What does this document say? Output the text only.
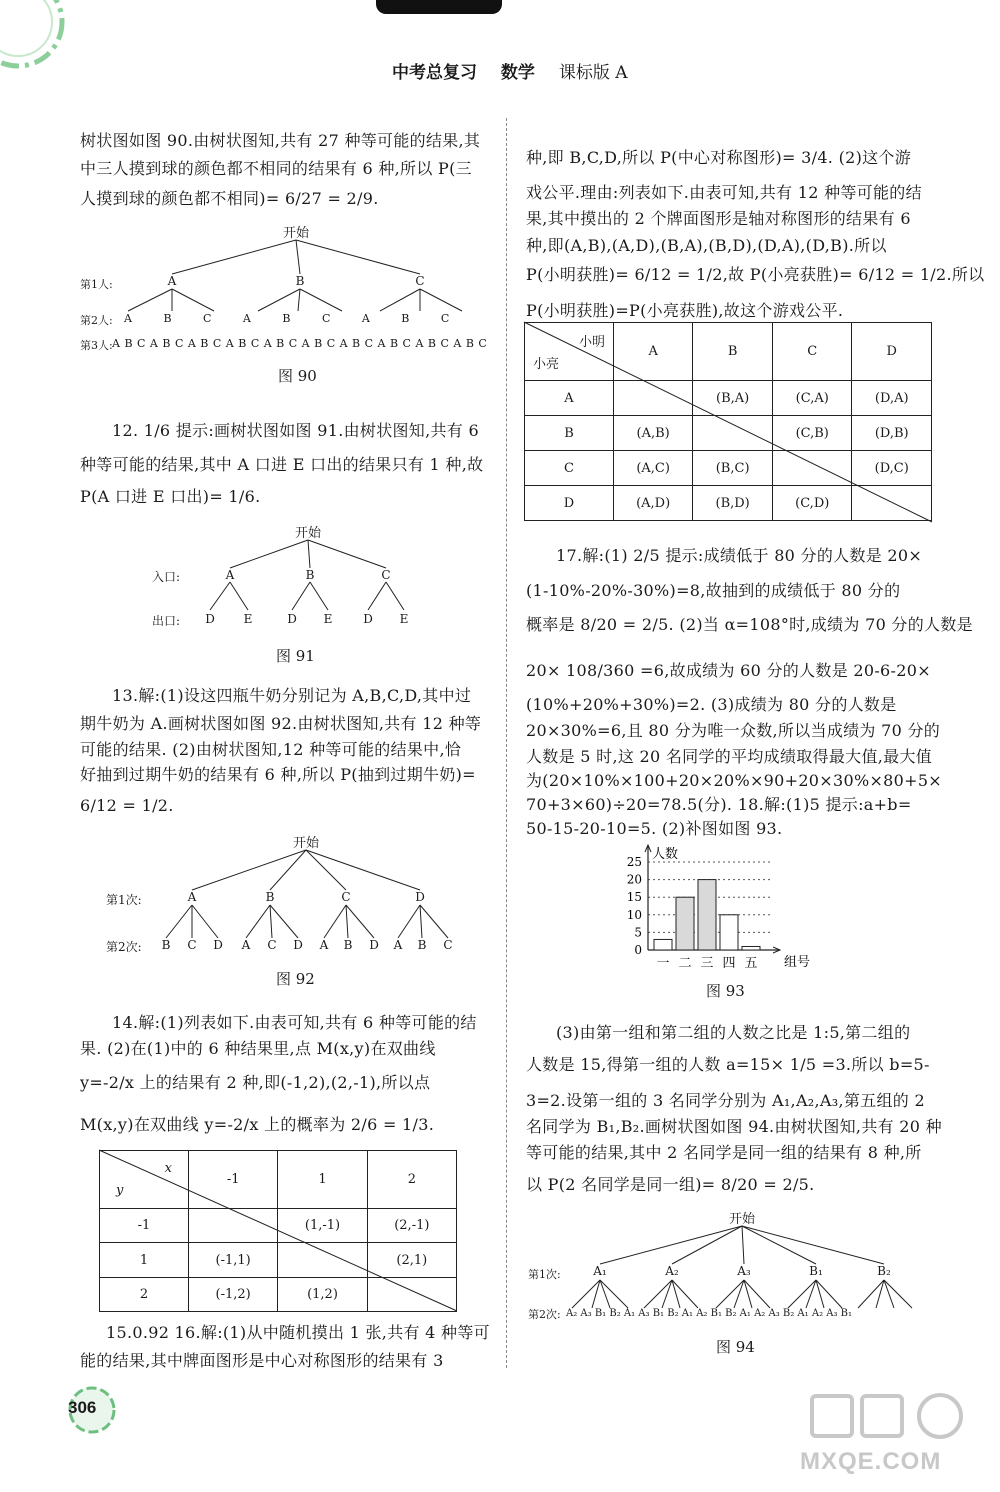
中考总复习 数学 课标版 A
树状图如图 90.由树状图知,共有 27 种等可能的结果,其
中三人摸到球的颜色都不相同的结果有 6 种,所以 P(三
人摸到球的颜色都不相同)= 6/27 = 2/9.
开始
第1人:
第2人:
第3人:
A	B	C
A B C A B C A B C
A B C A B C A B C A B C A B C A B C A B C A B C A B C A B C
图 90
12. 1/6 提示:画树状图如图 91.由树状图知,共有 6
种等可能的结果,其中 A 口进 E 口出的结果只有 1 种,故
P(A 口进 E 口出)= 1/6.
开始
入口:
出口:
A	B	C
D E	D E	D E
图 91
13.解:(1)设这四瓶牛奶分别记为 A,B,C,D,其中过
期牛奶为 A.画树状图如图 92.由树状图知,共有 12 种等
可能的结果. (2)由树状图知,12 种等可能的结果中,恰
好抽到过期牛奶的结果有 6 种,所以 P(抽到过期牛奶)=
6/12 = 1/2.
开始
第1次:
第2次:
A	B	C	D
B C D A C D A B D A B C
图 92
14.解:(1)列表如下.由表可知,共有 6 种等可能的结
果. (2)在(1)中的 6 种结果里,点 M(x,y)在双曲线
y=-2/x 上的结果有 2 种,即(-1,2),(2,-1),所以点
M(x,y)在双曲线 y=-2/x 上的概率为 2/6 = 1/3.
x
y	-1	1	2
-1		(1,-1)	(2,-1)
1	(-1,1)		(2,1)
2	(-1,2)	(1,2)	
15.0.92 16.解:(1)从中随机摸出 1 张,共有 4 种等可
能的结果,其中牌面图形是中心对称图形的结果有 3
306
种,即 B,C,D,所以 P(中心对称图形)= 3/4. (2)这个游
戏公平.理由:列表如下.由表可知,共有 12 种等可能的结
果,其中摸出的 2 个牌面图形是轴对称图形的结果有 6
种,即(A,B),(A,D),(B,A),(B,D),(D,A),(D,B).所以
P(小明获胜)= 6/12 = 1/2,故 P(小亮获胜)= 6/12 = 1/2.所以
P(小明获胜)=P(小亮获胜),故这个游戏公平.
小明
小亮	A	B	C	D
A		(B,A)	(C,A)	(D,A)
B	(A,B)		(C,B)	(D,B)
C	(A,C)	(B,C)		(D,C)
D	(A,D)	(B,D)	(C,D)	
17.解:(1) 2/5 提示:成绩低于 80 分的人数是 20×
(1-10%-20%-30%)=8,故抽到的成绩低于 80 分的
概率是 8/20 = 2/5. (2)当 α=108°时,成绩为 70 分的人数是
20× 108/360 =6,故成绩为 60 分的人数是 20-6-20×
(10%+20%+30%)=2. (3)成绩为 80 分的人数是
20×30%=6,且 80 分为唯一众数,所以当成绩为 70 分的
人数是 5 时,这 20 名同学的平均成绩取得最大值,最大值
为(20×10%×100+20×20%×90+20×30%×80+5×
70+3×60)÷20=78.5(分). 18.解:(1)5 提示:a+b=
50-15-20-10=5. (2)补图如图 93.
0
5
10
15
20
25 人数
组号
一 二 三 四 五
图 93
(3)由第一组和第二组的人数之比是 1:5,第二组的
人数是 15,得第一组的人数 a=15× 1/5 =3.所以 b=5-
3=2.设第一组的 3 名同学分别为 A₁,A₂,A₃,第五组的 2
名同学为 B₁,B₂.画树状图如图 94.由树状图知,共有 20 种
等可能的结果,其中 2 名同学是同一组的结果有 8 种,所
以 P(2 名同学是同一组)= 8/20 = 2/5.
开始
第1次:
第2次:
A₁	A₂	A₃	B₁	B₂
A₂ A₃ B₁ B₂ A₁ A₃ B₁ B₂ A₁ A₂ B₁ B₂ A₁ A₂ A₃ B₂ A₁ A₂ A₃ B₁
图 94
MXQE.COM
